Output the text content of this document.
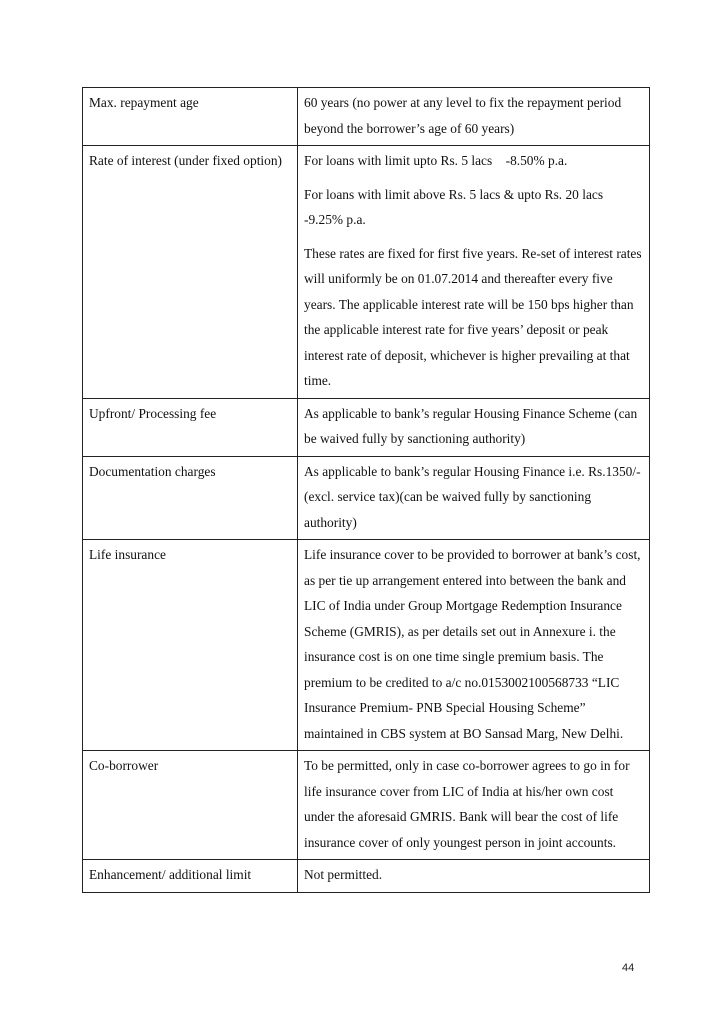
Max. repayment age	60 years (no power at any level to fix the repayment period beyond the borrower’s age of 60 years)

Rate of interest (under fixed option)	For loans with limit upto Rs. 5 lacs    -8.50% p.a.

For loans with limit above Rs. 5 lacs & upto Rs. 20 lacs -9.25% p.a.

These rates are fixed for first five years. Re-set of interest rates will uniformly be on 01.07.2014 and thereafter every five years. The applicable interest rate will be 150 bps higher than the applicable interest rate for five years’ deposit or peak interest rate of deposit, whichever is higher prevailing at that time.

Upfront/ Processing fee	As applicable to bank’s regular Housing Finance Scheme (can be waived fully by sanctioning authority)

Documentation charges	As applicable to bank’s regular Housing Finance i.e. Rs.1350/- (excl. service tax)(can be waived fully by sanctioning authority)

Life insurance	Life insurance cover to be provided to borrower at bank’s cost, as per tie up arrangement entered into between the bank and LIC of India under Group Mortgage Redemption Insurance Scheme (GMRIS), as per details set out in Annexure i. the insurance cost is on one time single premium basis. The premium to be credited to a/c no.0153002100568733 “LIC Insurance Premium- PNB Special Housing Scheme” maintained in CBS system at BO Sansad Marg, New Delhi.

Co-borrower	To be permitted, only in case co-borrower agrees to go in for life insurance cover from LIC of India at his/her own cost under the aforesaid GMRIS. Bank will bear the cost of life insurance cover of only youngest person in joint accounts.

Enhancement/ additional limit	Not permitted.

44
